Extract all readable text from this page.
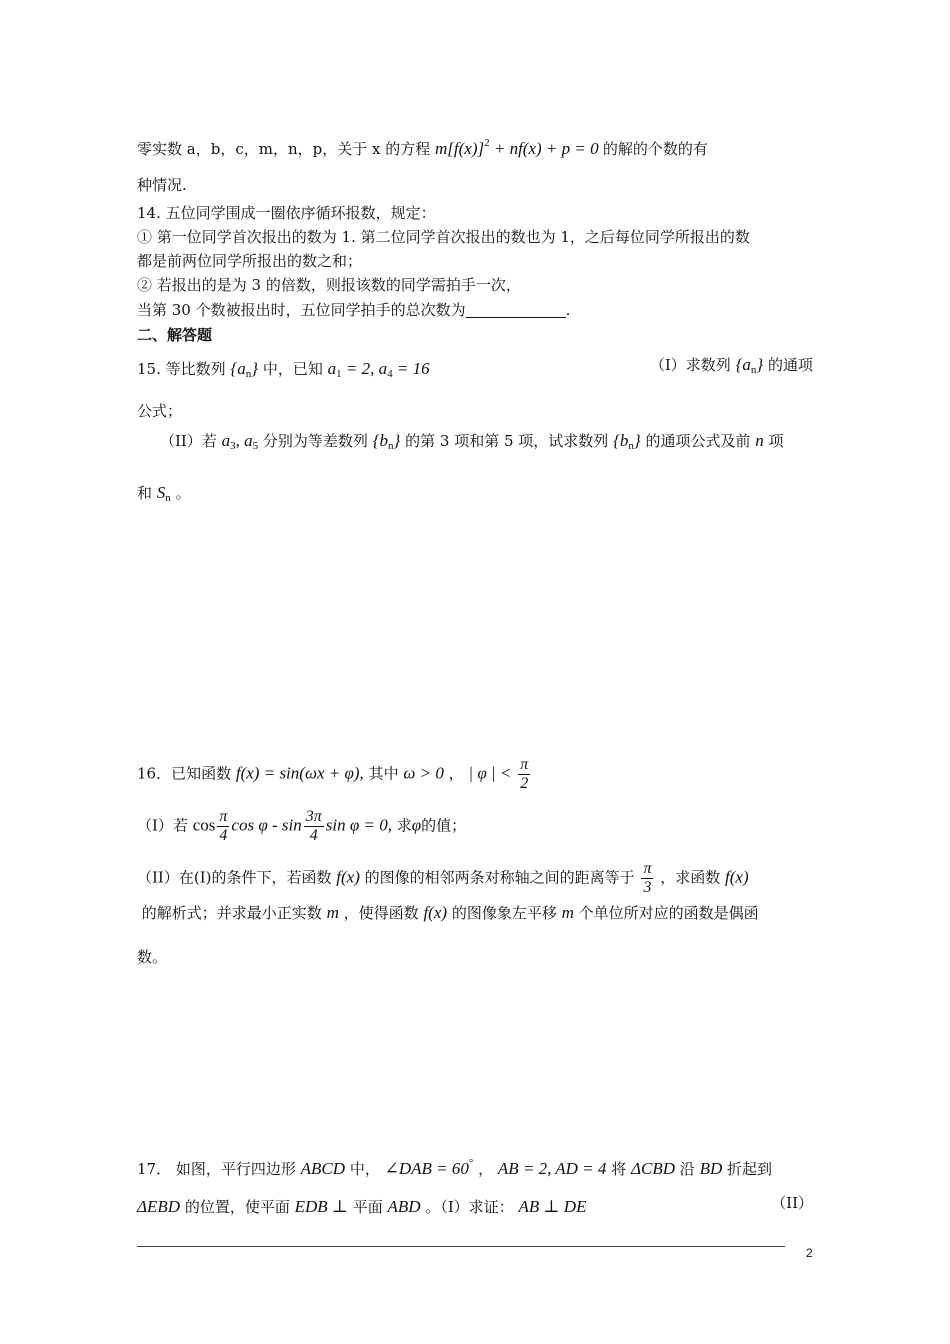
零实数 a，b，c，m，n，p，关于 x 的方程 $m[f(x)]^2 + nf(x) + p = 0$ 的解的个数的有
种情况.
14. 五位同学围成一圈依序循环报数，规定：
① 第一位同学首次报出的数为 1. 第二位同学首次报出的数也为 1，之后每位同学所报出的数
都是前两位同学所报出的数之和；
② 若报出的是为 3 的倍数，则报该数的同学需拍手一次，
当第 30 个数被报出时，五位同学拍手的总次数为	.
二、解答题
15. 等比数列 $\{a_n\}$ 中，已知 $a_1 = 2$, $a_4 = 16$	（I）求数列 $\{a_n\}$ 的通项
公式；
（II）若 $a_3$, $a_5$ 分别为等差数列 $\{b_n\}$ 的第 3 项和第 5 项，试求数列 $\{b_n\}$ 的通项公式及前 n 项
和 $S_n$ 。
16．已知函数 f(x) = sin(ωx + φ), 其中 ω > 0 ， | φ | < $\frac{\pi}{2}$
（I）若 $\cos \frac{\pi}{4}$ cos φ - $\sin \frac{3\pi}{4}$ sin φ = 0, 求φ的值；
（II）在(I)的条件下，若函数 f(x) 的图像的相邻两条对称轴之间的距离等于 $\frac{\pi}{3}$ ，求函数 f(x)
的解析式；并求最小正实数 m ，使得函数 f(x) 的图像象左平移 m 个单位所对应的函数是偶函
数。
17． 如图，平行四边形 ABCD 中， ∠DAB = 60° ， AB = 2, AD = 4 将 ΔCBD 沿 BD 折起到
ΔEBD 的位置，使平面 EDB ⊥ 平面 ABD 。（I）求证： AB ⊥ DE	（II）
2
